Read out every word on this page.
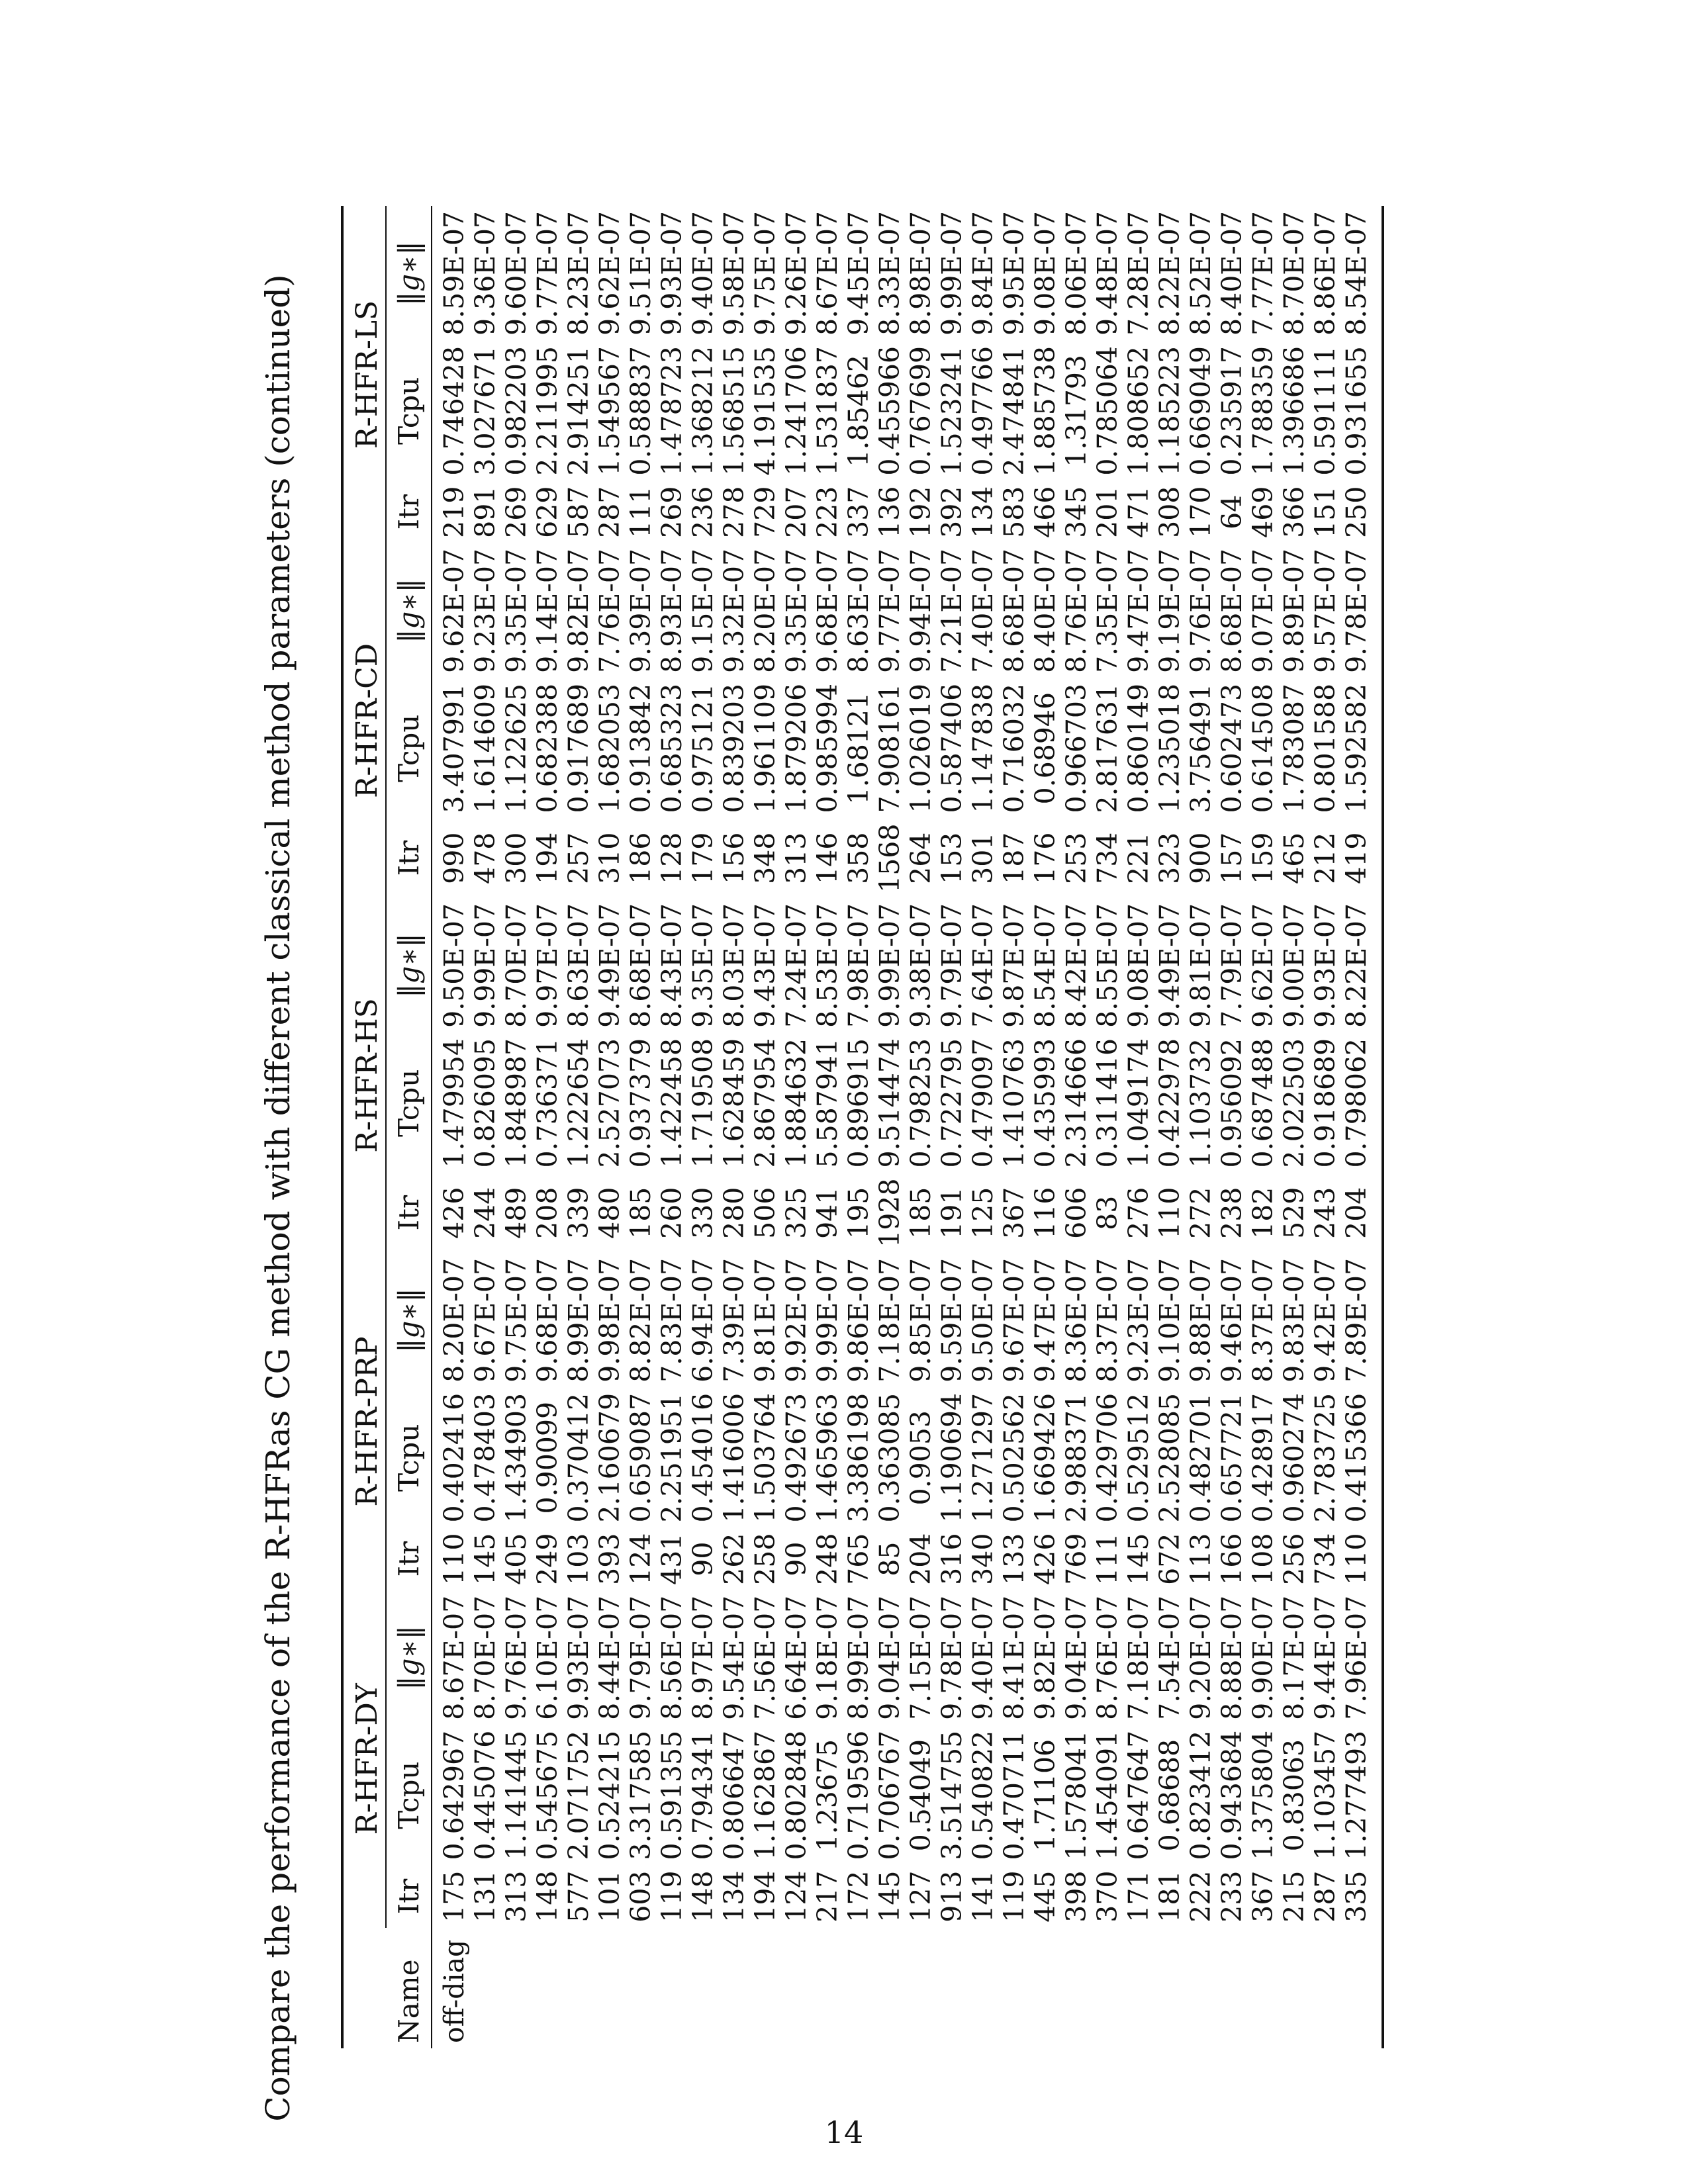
Compare the performance of the R-HFRas CG method with different classical method parameters (continued)
		R-HFR-DY			R-HFR-PRP			R-HFR-HS			R-HFR-CD			R-HFR-LS		
Name	Itr	Tcpu	‖g∗‖		Itr	Tcpu	‖g∗‖		Itr	Tcpu	‖g∗‖		Itr	Tcpu	‖g∗‖		Itr	Tcpu	‖g∗‖
off-diag	175	0.642967	8.67E-07		110	0.402416	8.20E-07		426	1.479954	9.50E-07		990	3.407991	9.62E-07		219	0.746428	8.59E-07
	131	0.445076	8.70E-07		145	0.478403	9.67E-07		244	0.826095	9.99E-07		478	1.614609	9.23E-07		891	3.027671	9.36E-07
	313	1.141445	9.76E-07		405	1.434903	9.75E-07		489	1.848987	8.70E-07		300	1.122625	9.35E-07		269	0.982203	9.60E-07
	148	0.545675	6.10E-07		249	0.90099	9.68E-07		208	0.736371	9.97E-07		194	0.682388	9.14E-07		629	2.211995	9.77E-07
	577	2.071752	9.93E-07		103	0.370412	8.99E-07		339	1.222654	8.63E-07		257	0.917689	9.82E-07		587	2.914251	8.23E-07
	101	0.524215	8.44E-07		393	2.160679	9.98E-07		480	2.527073	9.49E-07		310	1.682053	7.76E-07		287	1.549567	9.62E-07
	603	3.317585	9.79E-07		124	0.659087	8.82E-07		185	0.937379	8.68E-07		186	0.913842	9.39E-07		111	0.588837	9.51E-07
	119	0.591355	8.56E-07		431	2.251951	7.83E-07		260	1.422458	8.43E-07		128	0.685323	8.93E-07		269	1.478723	9.93E-07
	148	0.794341	8.97E-07		90	0.454016	6.94E-07		330	1.719508	9.35E-07		179	0.975121	9.15E-07		236	1.368212	9.40E-07
	134	0.806647	9.54E-07		262	1.416006	7.39E-07		280	1.628459	8.03E-07		156	0.839203	9.32E-07		278	1.568515	9.58E-07
	194	1.162867	7.56E-07		258	1.503764	9.81E-07		506	2.867954	9.43E-07		348	1.961109	8.20E-07		729	4.191535	9.75E-07
	124	0.802848	6.64E-07		90	0.492673	9.92E-07		325	1.884632	7.24E-07		313	1.879206	9.35E-07		207	1.241706	9.26E-07
	217	1.23675	9.18E-07		248	1.465963	9.99E-07		941	5.587941	8.53E-07		146	0.985994	9.68E-07		223	1.531837	8.67E-07
	172	0.719596	8.99E-07		765	3.386198	9.86E-07		195	0.896915	7.98E-07		358	1.68121	8.63E-07		337	1.85462	9.45E-07
	145	0.706767	9.04E-07		85	0.363085	7.18E-07		1928	9.514474	9.99E-07		1568	7.908161	9.77E-07		136	0.455966	8.33E-07
	127	0.54049	7.15E-07		204	0.9053	9.85E-07		185	0.798253	9.38E-07		264	1.026019	9.94E-07		192	0.767699	8.98E-07
	913	3.514755	9.78E-07		316	1.190694	9.59E-07		191	0.722795	9.79E-07		153	0.587406	7.21E-07		392	1.523241	9.99E-07
	141	0.540822	9.40E-07		340	1.271297	9.50E-07		125	0.479097	7.64E-07		301	1.147838	7.40E-07		134	0.497766	9.84E-07
	119	0.470711	8.41E-07		133	0.502562	9.67E-07		367	1.410763	9.87E-07		187	0.716032	8.68E-07		583	2.474841	9.95E-07
	445	1.71106	9.82E-07		426	1.669426	9.47E-07		116	0.435993	8.54E-07		176	0.68946	8.40E-07		466	1.885738	9.08E-07
	398	1.578041	9.04E-07		769	2.988371	8.36E-07		606	2.314666	8.42E-07		253	0.966703	8.76E-07		345	1.31793	8.06E-07
	370	1.454091	8.76E-07		111	0.429706	8.37E-07		83	0.311416	8.55E-07		734	2.817631	7.35E-07		201	0.785064	9.48E-07
	171	0.647647	7.18E-07		145	0.529512	9.23E-07		276	1.049174	9.08E-07		221	0.860149	9.47E-07		471	1.808652	7.28E-07
	181	0.68688	7.54E-07		672	2.528085	9.10E-07		110	0.422978	9.49E-07		323	1.235018	9.19E-07		308	1.185223	8.22E-07
	222	0.823412	9.20E-07		113	0.482701	9.88E-07		272	1.103732	9.81E-07		900	3.756491	9.76E-07		170	0.669049	8.52E-07
	233	0.943684	8.88E-07		166	0.657721	9.46E-07		238	0.956092	7.79E-07		157	0.602473	8.68E-07		64	0.235917	8.40E-07
	367	1.375804	9.90E-07		108	0.428917	8.37E-07		182	0.687488	9.62E-07		159	0.614508	9.07E-07		469	1.788359	7.77E-07
	215	0.83063	8.17E-07		256	0.960274	9.83E-07		529	2.022503	9.00E-07		465	1.783087	9.89E-07		366	1.396686	8.70E-07
	287	1.103457	9.44E-07		734	2.783725	9.42E-07		243	0.918689	9.93E-07		212	0.801588	9.57E-07		151	0.591111	8.86E-07
	335	1.277493	7.96E-07		110	0.415366	7.89E-07		204	0.798062	8.22E-07		419	1.592582	9.78E-07		250	0.931655	8.54E-07
14
